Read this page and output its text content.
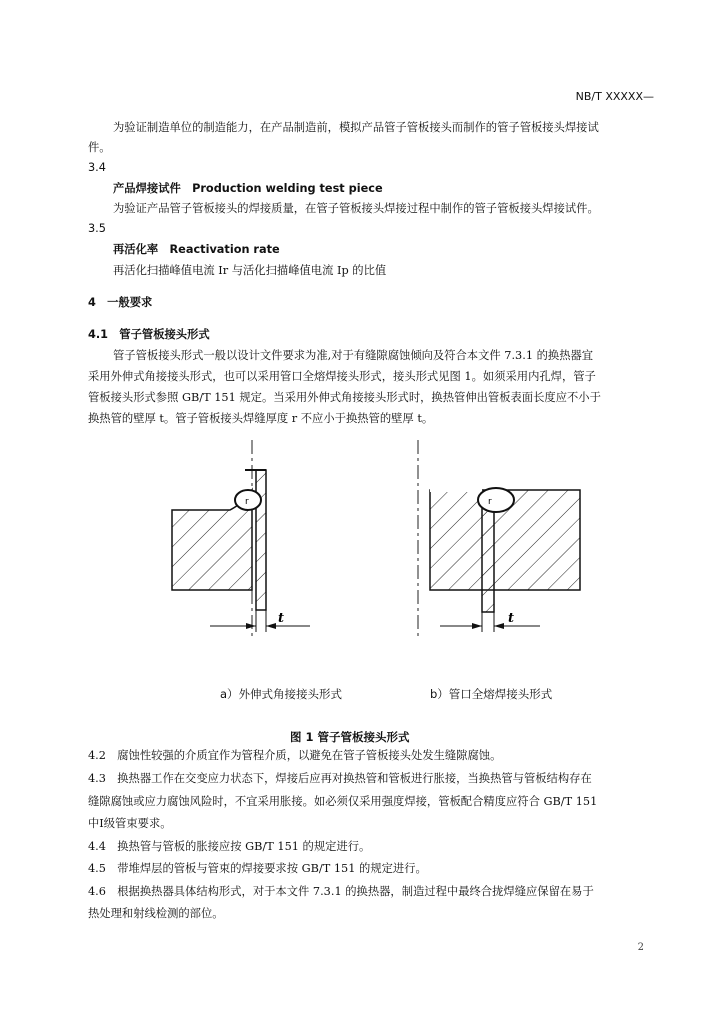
NB/T XXXXX—
为验证制造单位的制造能力，在产品制造前，模拟产品管子管板接头而制作的管子管板接头焊接试
件。
3.4
产品焊接试件　Production welding test piece
为验证产品管子管板接头的焊接质量，在管子管板接头焊接过程中制作的管子管板接头焊接试件。
3.5
再活化率　Reactivation rate
再活化扫描峰值电流 Ir 与活化扫描峰值电流 Ip 的比值
4　一般要求
4.1　管子管板接头形式
管子管板接头形式一般以设计文件要求为准,对于有缝隙腐蚀倾向及符合本文件 7.3.1 的换热器宜
采用外伸式角接接头形式，也可以采用管口全熔焊接头形式，接头形式见图 1。如须采用内孔焊，管子
管板接头形式参照 GB/T 151 规定。当采用外伸式角接接头形式时，换热管伸出管板表面长度应不小于
换热管的壁厚 t。管子管板接头焊缝厚度 r 不应小于换热管的壁厚 t。
r
t
r
t
a）外伸式角接接头形式	b）管口全熔焊接头形式
图 1 管子管板接头形式
4.2　腐蚀性较强的介质宜作为管程介质，以避免在管子管板接头处发生缝隙腐蚀。
4.3　换热器工作在交变应力状态下，焊接后应再对换热管和管板进行胀接，当换热管与管板结构存在
缝隙腐蚀或应力腐蚀风险时，不宜采用胀接。如必须仅采用强度焊接，管板配合精度应符合 GB/T 151
中Ⅰ级管束要求。
4.4　换热管与管板的胀接应按 GB/T 151 的规定进行。
4.5　带堆焊层的管板与管束的焊接要求按 GB/T 151 的规定进行。
4.6　根据换热器具体结构形式，对于本文件 7.3.1 的换热器，制造过程中最终合拢焊缝应保留在易于
热处理和射线检测的部位。
2
